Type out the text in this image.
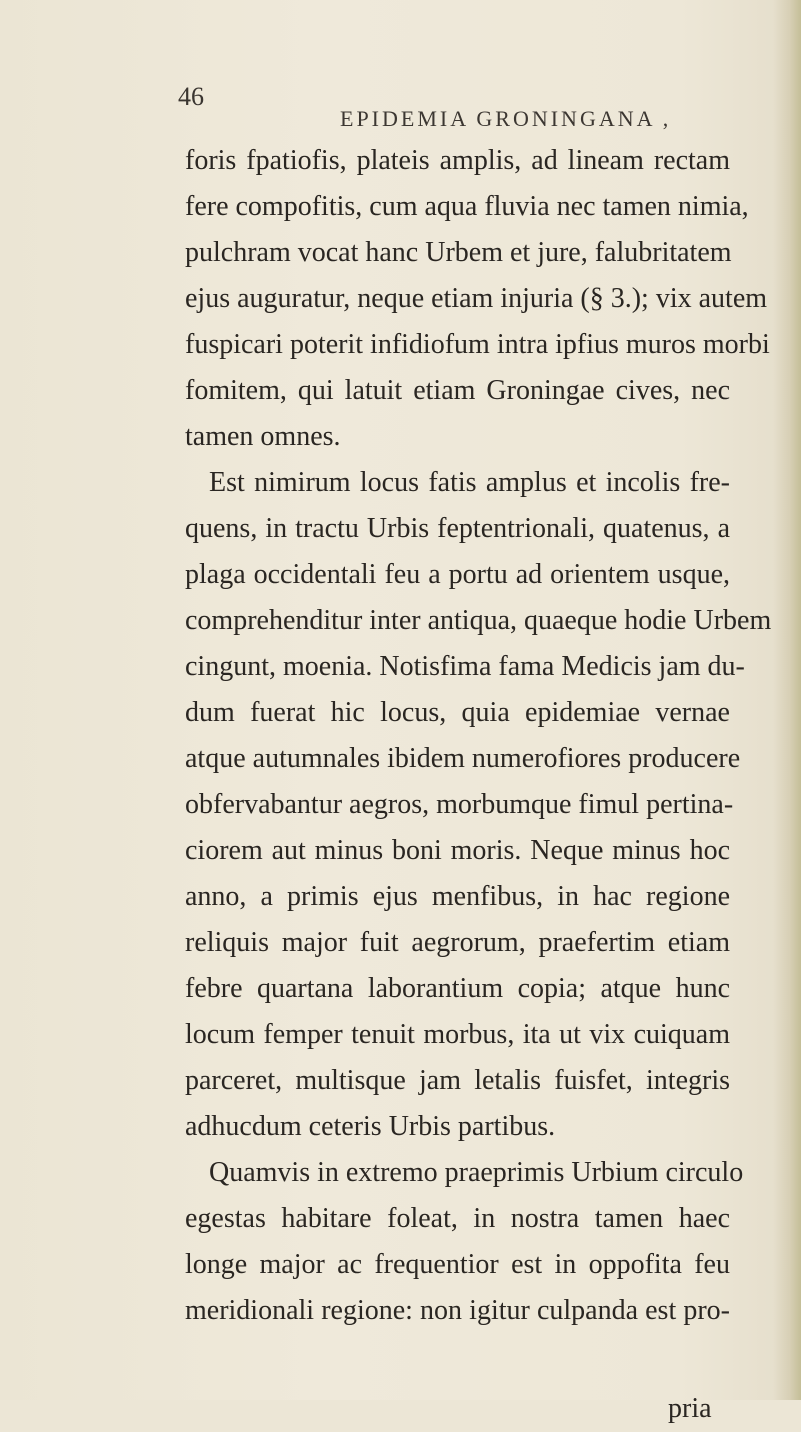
46
EPIDEMIA GRONINGANA ,
foris fpatiofis, plateis amplis, ad lineam rectam
fere compofitis, cum aqua fluvia nec tamen nimia,
pulchram vocat hanc Urbem et jure, falubritatem
ejus auguratur, neque etiam injuria (§ 3.); vix autem
fuspicari poterit infidiofum intra ipfius muros morbi
fomitem, qui latuit etiam Groningae cives, nec
tamen omnes.
Est nimirum locus fatis amplus et incolis fre-
quens, in tractu Urbis feptentrionali, quatenus, a
plaga occidentali feu a portu ad orientem usque,
comprehenditur inter antiqua, quaeque hodie Urbem
cingunt, moenia. Notisfima fama Medicis jam du-
dum fuerat hic locus, quia epidemiae vernae
atque autumnales ibidem numerofiores producere
obfervabantur aegros, morbumque fimul pertina-
ciorem aut minus boni moris. Neque minus hoc
anno, a primis ejus menfibus, in hac regione
reliquis major fuit aegrorum, praefertim etiam
febre quartana laborantium copia; atque hunc
locum femper tenuit morbus, ita ut vix cuiquam
parceret, multisque jam letalis fuisfet, integris
adhucdum ceteris Urbis partibus.
Quamvis in extremo praeprimis Urbium circulo
egestas habitare foleat, in nostra tamen haec
longe major ac frequentior est in oppofita feu
meridionali regione: non igitur culpanda est pro-
pria
